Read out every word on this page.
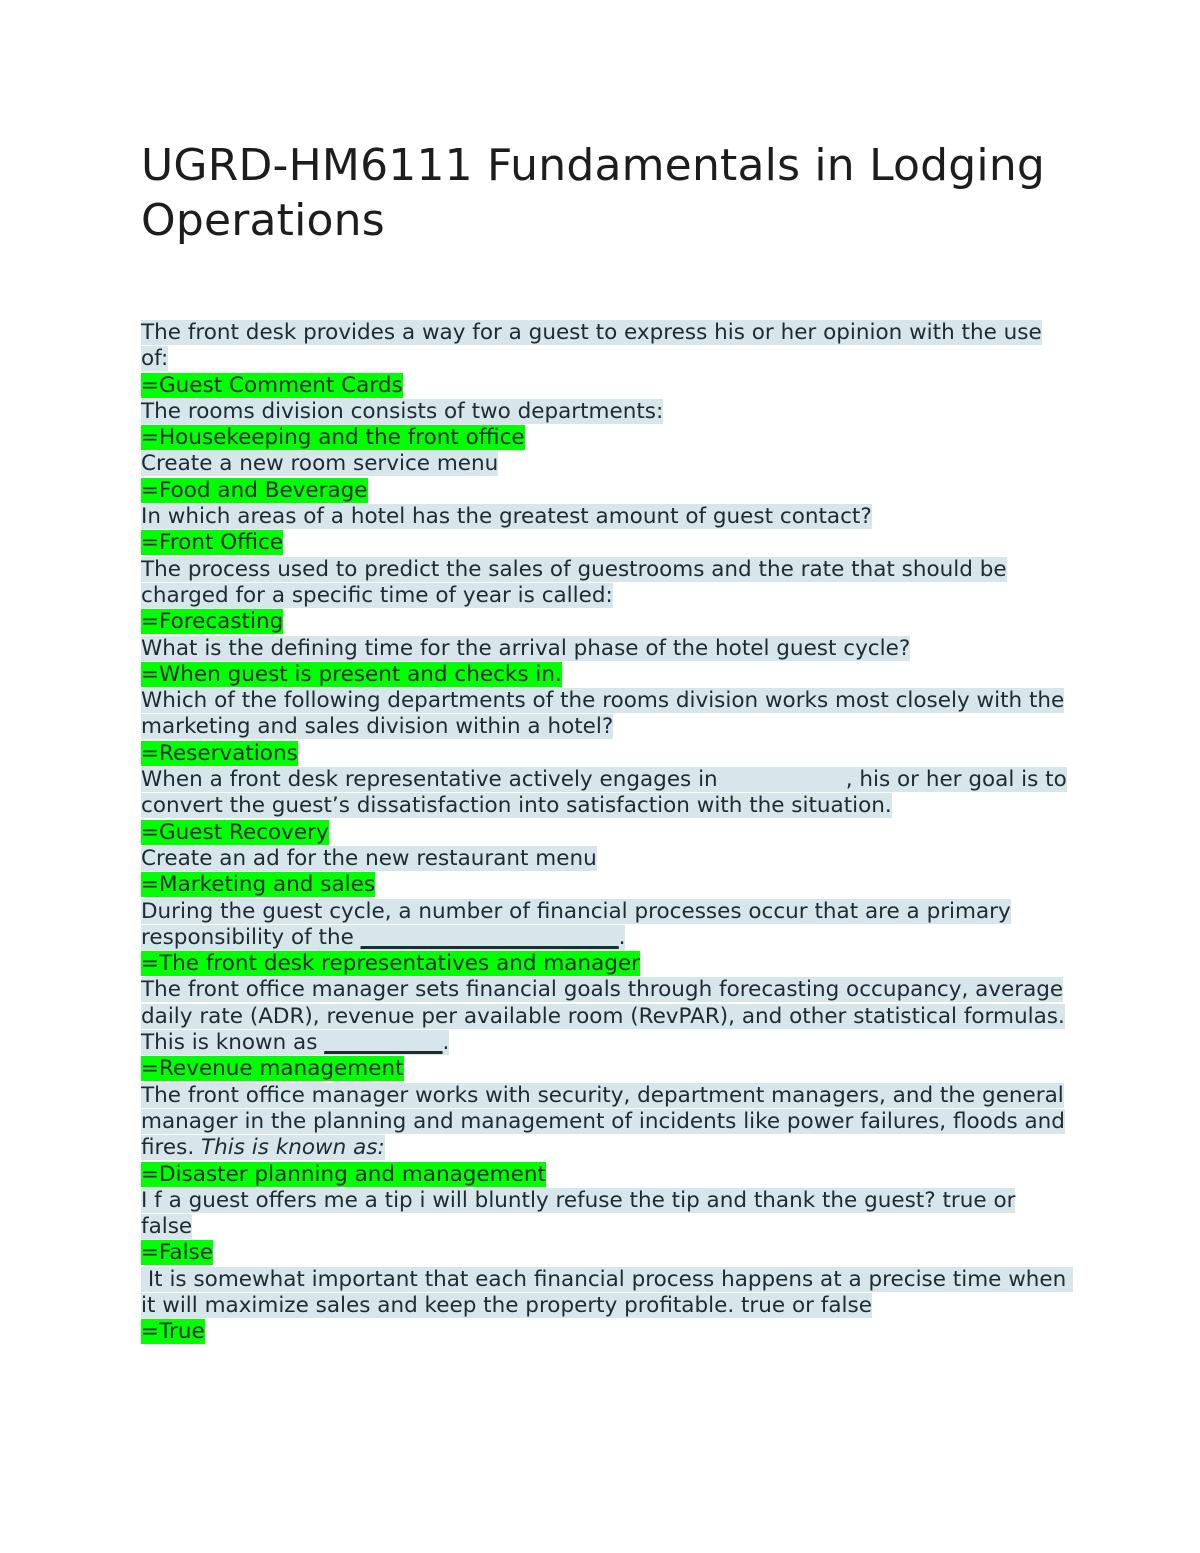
UGRD-HM6111 Fundamentals in Lodging Operations

The front desk provides a way for a guest to express his or her opinion with the use of:

=Guest Comment Cards

The rooms division consists of two departments:

=Housekeeping and the front office

Create a new room service menu

=Food and Beverage

In which areas of a hotel has the greatest amount of guest contact?

=Front Office

The process used to predict the sales of guestrooms and the rate that should be charged for a specific time of year is called:

=Forecasting

What is the defining time for the arrival phase of the hotel guest cycle?

=When guest is present and checks in.

Which of the following departments of the rooms division works most closely with the marketing and sales division within a hotel?

=Reservations

When a front desk representative actively engages in	, his or her goal is to convert the guest’s dissatisfaction into satisfaction with the situation.

=Guest Recovery

Create an ad for the new restaurant menu

=Marketing and sales

During the guest cycle, a number of financial processes occur that are a primary responsibility of the ________________________.

=The front desk representatives and manager

The front office manager sets financial goals through forecasting occupancy, average daily rate (ADR), revenue per available room (RevPAR), and other statistical formulas. This is known as ___________.

=Revenue management

The front office manager works with security, department managers, and the general manager in the planning and management of incidents like power failures, floods and fires. This is known as:

=Disaster planning and management

I f a guest offers me a tip i will bluntly refuse the tip and thank the guest? true or false

=False

It is somewhat important that each financial process happens at a precise time when it will maximize sales and keep the property profitable. true or false

=True
